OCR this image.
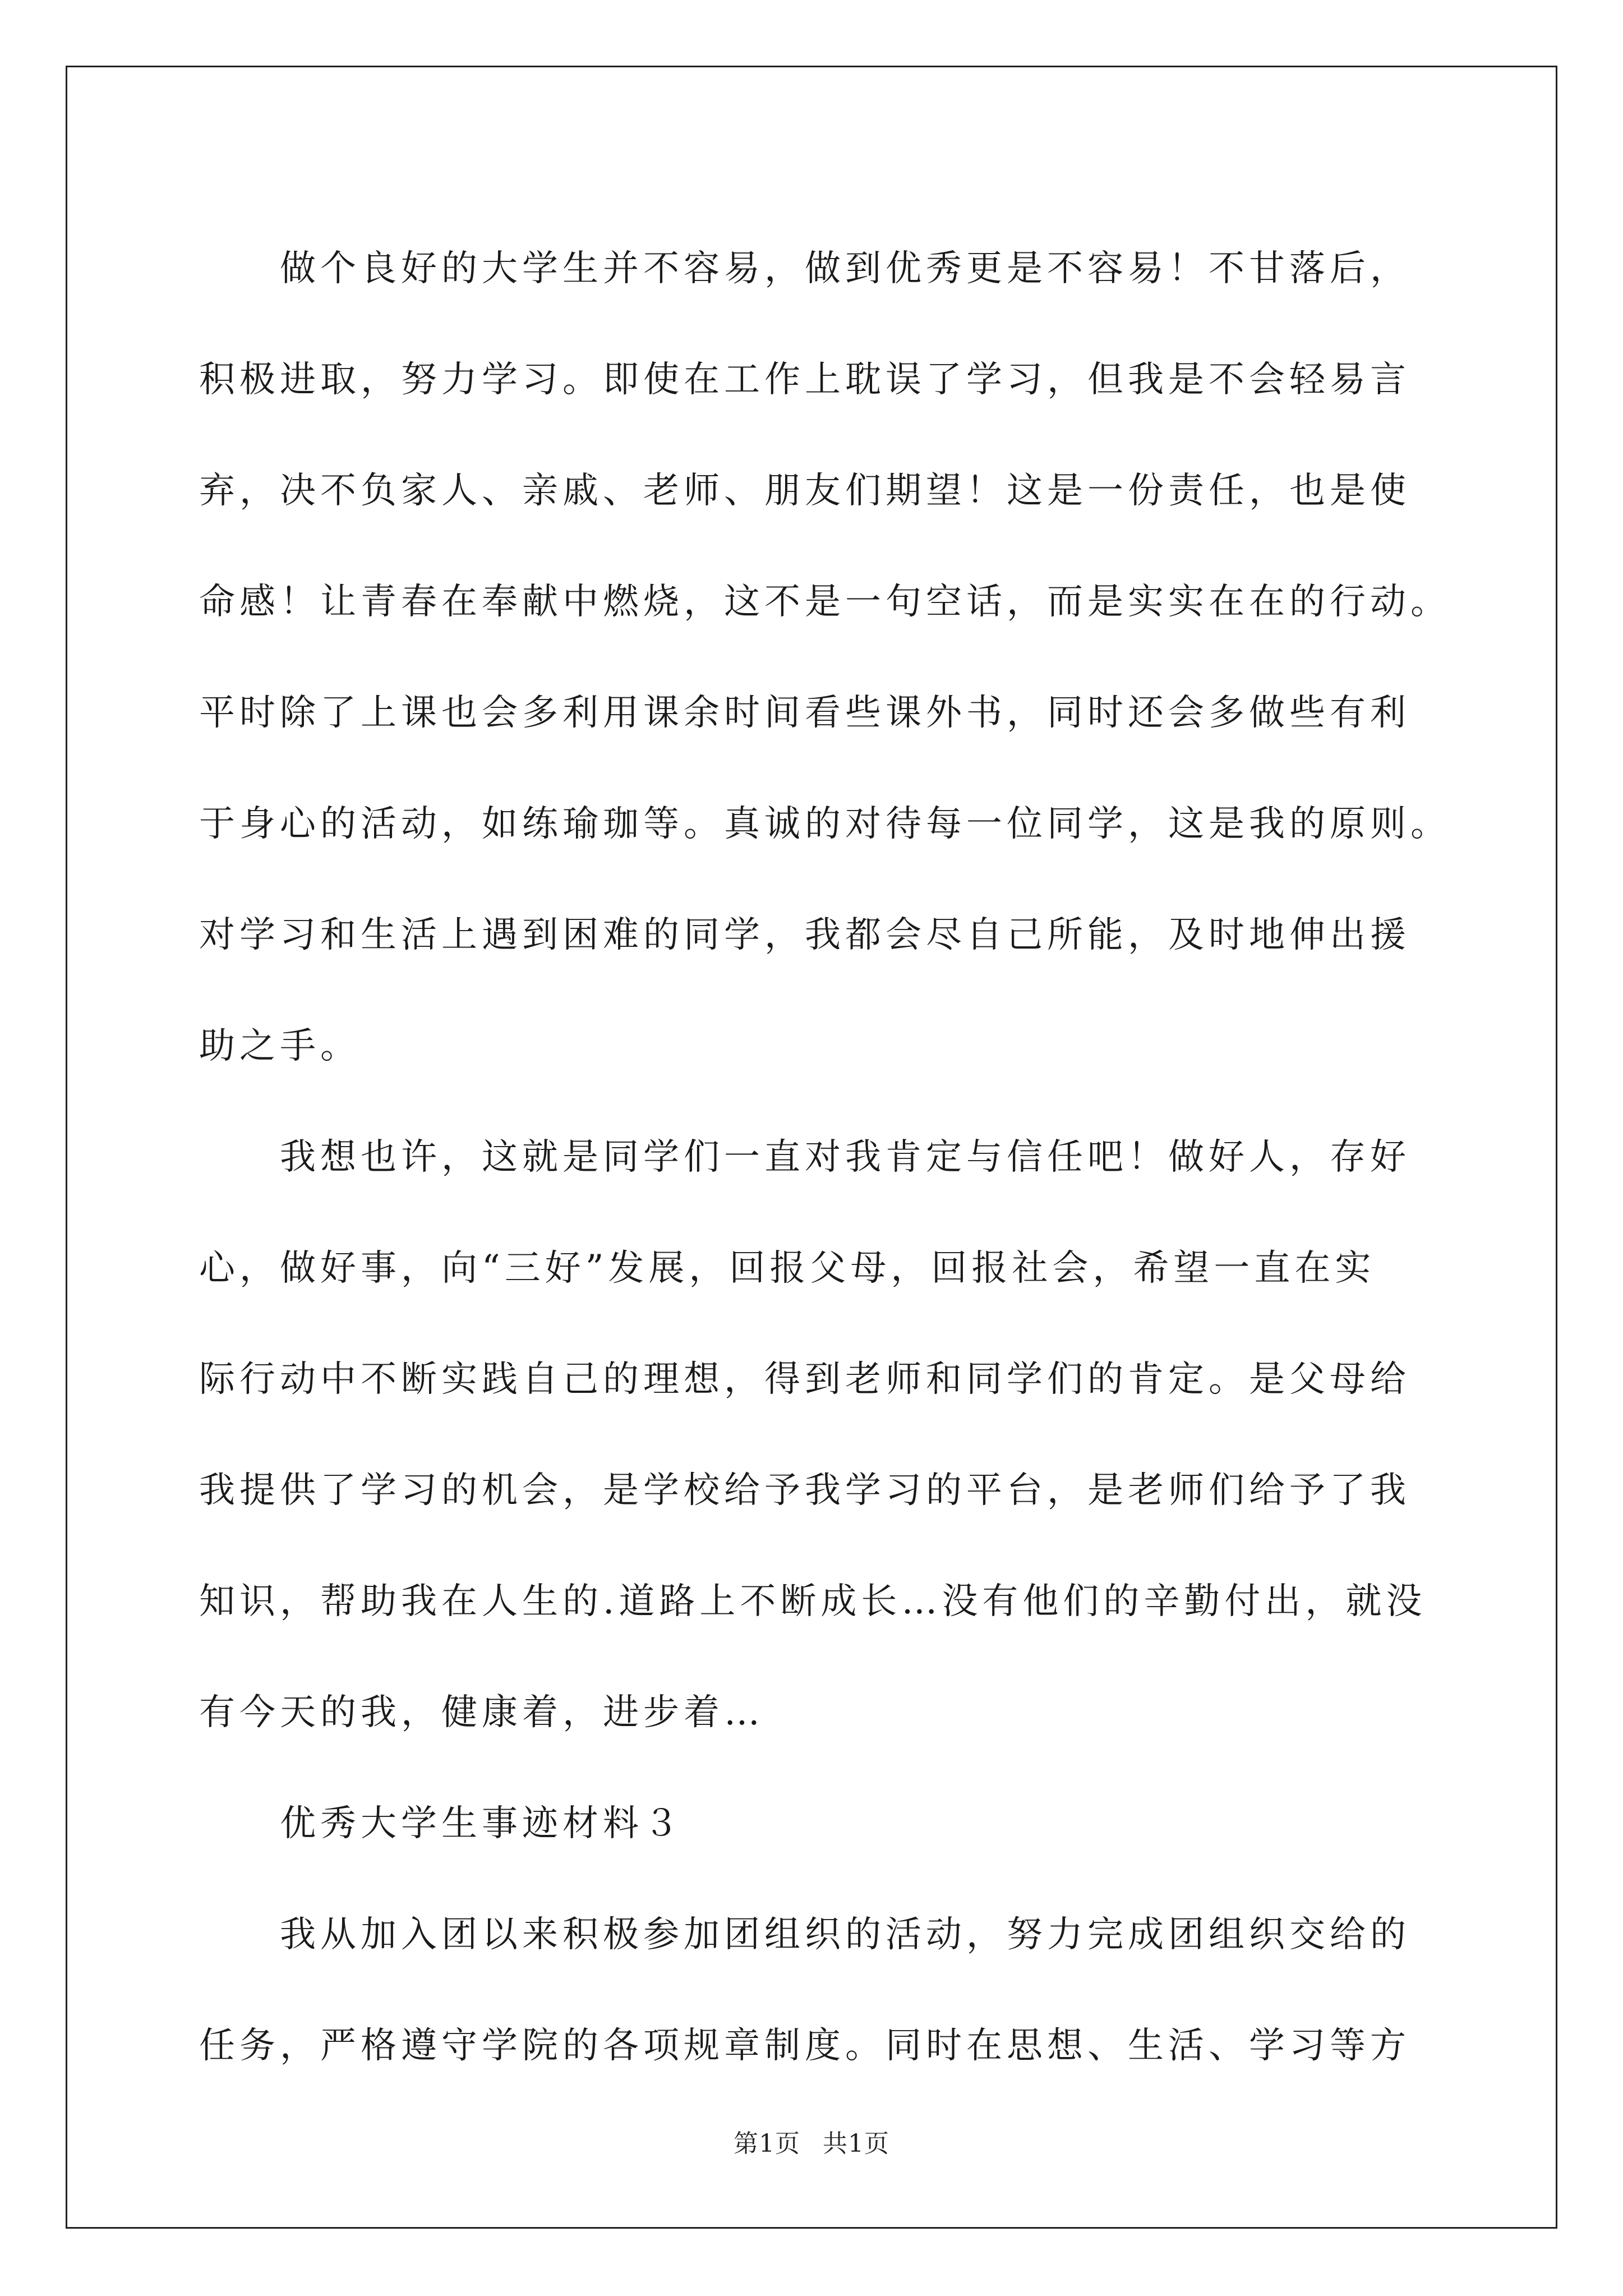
　　做个良好的大学生并不容易，做到优秀更是不容易！不甘落后，
积极进取，努力学习。即使在工作上耽误了学习，但我是不会轻易言
弃，决不负家人、亲戚、老师、朋友们期望！这是一份责任，也是使
命感！让青春在奉献中燃烧，这不是一句空话，而是实实在在的行动。
平时除了上课也会多利用课余时间看些课外书，同时还会多做些有利
于身心的活动，如练瑜珈等。真诚的对待每一位同学，这是我的原则。
对学习和生活上遇到困难的同学，我都会尽自己所能，及时地伸出援
助之手。
　　我想也许，这就是同学们一直对我肯定与信任吧！做好人，存好
心，做好事，向“三好”发展，回报父母，回报社会，希望一直在实
际行动中不断实践自己的理想，得到老师和同学们的肯定。是父母给
我提供了学习的机会，是学校给予我学习的平台，是老师们给予了我
知识，帮助我在人生的.道路上不断成长…没有他们的辛勤付出，就没
有今天的我，健康着，进步着…
　　优秀大学生事迹材料３
　　我从加入团以来积极参加团组织的活动，努力完成团组织交给的
任务，严格遵守学院的各项规章制度。同时在思想、生活、学习等方
第1页 共1页
